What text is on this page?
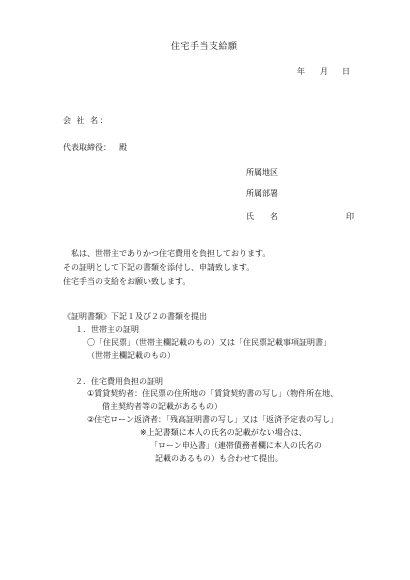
住宅手当支給願
年 月 日
会 社 名：
代表取締役： 殿
所属地区
所属部署
氏　　名	印
私は、世帯主でありかつ住宅費用を負担しております。
その証明として下記の書類を添付し、申請致します。
住宅手当の支給をお願い致します。
《証明書類》下記１及び２の書類を提出
１．世帯主の証明
〇「住民票」（世帯主欄記載のもの）又は「住民票記載事項証明書」
（世帯主欄記載のもの）
２．住宅費用負担の証明
①賃貸契約者：住民票の住所地の「賃貸契約書の写し」（物件所在地、
借主契約者等の記載があるもの）
②住宅ローン返済者：「残高証明書の写し」又は「返済予定表の写し」
※上記書類に本人の氏名の記載がない場合は、
「ローン申込書」（連帯債務者欄に本人の氏名の
記載のあるもの）も合わせて提出。
